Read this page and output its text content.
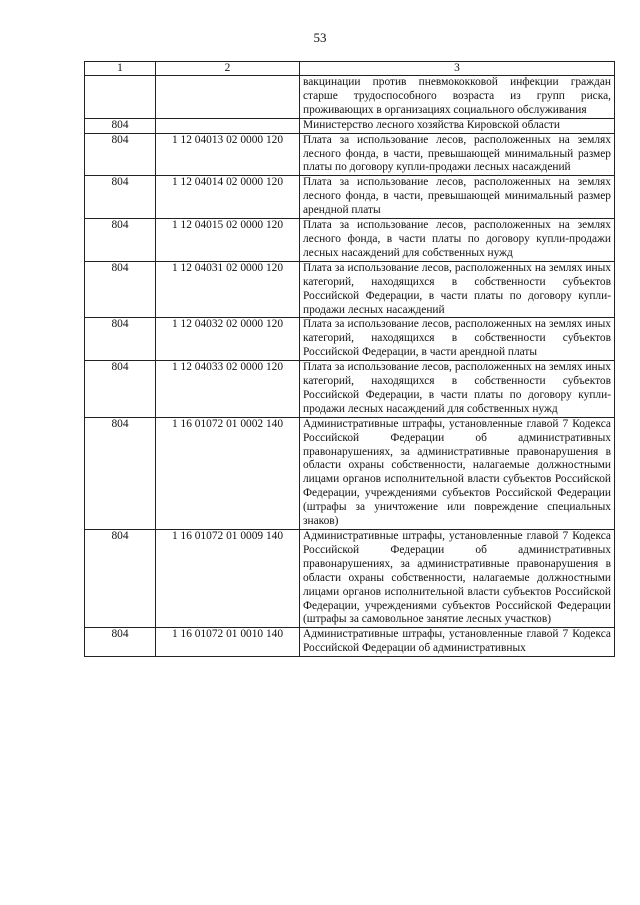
53
1	2	3
		вакцинации против пневмококковой инфекции граждан старше трудоспособного возраста из групп риска, проживающих в организациях социального обслуживания
804		Министерство лесного хозяйства Кировской области
804	1 12 04013 02 0000 120	Плата за использование лесов, расположенных на землях лесного фонда, в части, превышающей минимальный размер платы по договору купли-продажи лесных насаждений
804	1 12 04014 02 0000 120	Плата за использование лесов, расположенных на землях лесного фонда, в части, превышающей минимальный размер арендной платы
804	1 12 04015 02 0000 120	Плата за использование лесов, расположенных на землях лесного фонда, в части платы по договору купли-продажи лесных насаждений для собственных нужд
804	1 12 04031 02 0000 120	Плата за использование лесов, расположенных на землях иных категорий, находящихся в собственности субъектов Российской Федерации, в части платы по договору купли-продажи лесных насаждений
804	1 12 04032 02 0000 120	Плата за использование лесов, расположенных на землях иных категорий, находящихся в собственности субъектов Российской Федерации, в части арендной платы
804	1 12 04033 02 0000 120	Плата за использование лесов, расположенных на землях иных категорий, находящихся в собственности субъектов Российской Федерации, в части платы по договору купли-продажи лесных насаждений для собственных нужд
804	1 16 01072 01 0002 140	Административные штрафы, установленные главой 7 Кодекса Российской Федерации об административных правонарушениях, за административные правонарушения в области охраны собственности, налагаемые должностными лицами органов исполнительной власти субъектов Российской Федерации, учреждениями субъектов Российской Федерации (штрафы за уничтожение или повреждение специальных знаков)
804	1 16 01072 01 0009 140	Административные штрафы, установленные главой 7 Кодекса Российской Федерации об административных правонарушениях, за административные правонарушения в области охраны собственности, налагаемые должностными лицами органов исполнительной власти субъектов Российской Федерации, учреждениями субъектов Российской Федерации (штрафы за самовольное занятие лесных участков)
804	1 16 01072 01 0010 140	Административные штрафы, установленные главой 7 Кодекса Российской Федерации об административных
